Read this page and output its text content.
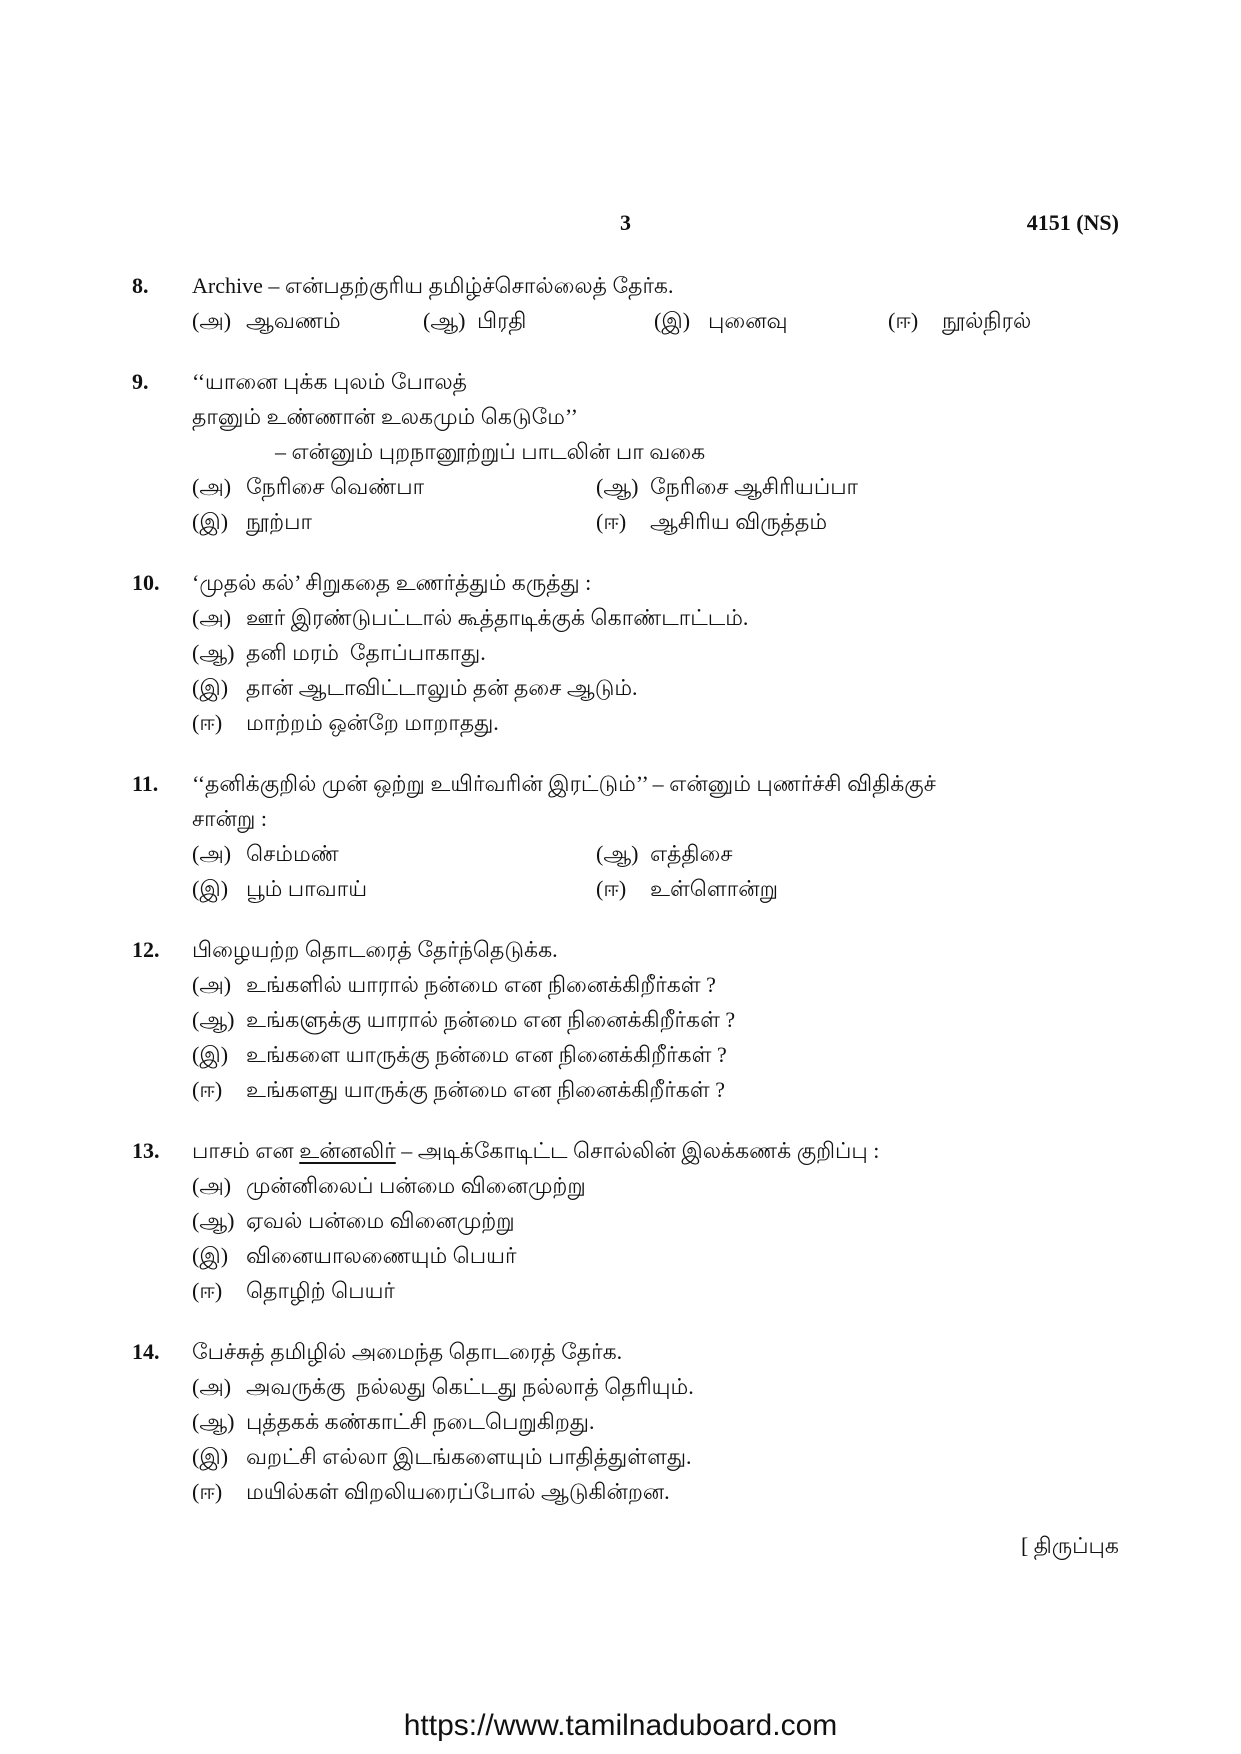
3	4151 (NS)
8.	Archive – என்பதற்குரிய தமிழ்ச்சொல்லைத் தேர்க.
(அ) ஆவணம்	(ஆ) பிரதி	(இ) புனைவு	(ஈ)	நூல்நிரல்
9.	‘‘யானை புக்க புலம் போலத்
தானும் உண்ணான் உலகமும் கெடுமே’’
– என்னும் புறநானூற்றுப் பாடலின் பா வகை
(அ) நேரிசை வெண்பா	(ஆ) நேரிசை ஆசிரியப்பா
(இ) நூற்பா	(ஈ)	ஆசிரிய விருத்தம்
10.	‘முதல் கல்’ சிறுகதை உணர்த்தும் கருத்து :
(அ) ஊர் இரண்டுபட்டால் கூத்தாடிக்குக் கொண்டாட்டம்.
(ஆ) தனி மரம்  தோப்பாகாது.
(இ) தான் ஆடாவிட்டாலும் தன் தசை ஆடும்.
(ஈ)	மாற்றம் ஒன்றே மாறாதது.
11.	‘‘தனிக்குறில் முன் ஒற்று உயிர்வரின் இரட்டும்’’ – என்னும் புணர்ச்சி விதிக்குச்
சான்று :
(அ) செம்மண்	(ஆ) எத்திசை
(இ) பூம் பாவாய்	(ஈ)	உள்ளொன்று
12.	பிழையற்ற தொடரைத் தேர்ந்தெடுக்க.
(அ) உங்களில் யாரால் நன்மை என நினைக்கிறீர்கள் ?
(ஆ) உங்களுக்கு யாரால் நன்மை என நினைக்கிறீர்கள் ?
(இ) உங்களை யாருக்கு நன்மை என நினைக்கிறீர்கள் ?
(ஈ)	உங்களது யாருக்கு நன்மை என நினைக்கிறீர்கள் ?
13.	பாசம் என உன்னலிர் – அடிக்கோடிட்ட சொல்லின் இலக்கணக் குறிப்பு :
(அ) முன்னிலைப் பன்மை வினைமுற்று
(ஆ) ஏவல் பன்மை வினைமுற்று
(இ) வினையாலணையும் பெயர்
(ஈ)	தொழிற் பெயர்
14.	பேச்சுத் தமிழில் அமைந்த தொடரைத் தேர்க.
(அ) அவருக்கு  நல்லது கெட்டது நல்லாத் தெரியும்.
(ஆ) புத்தகக் கண்காட்சி நடைபெறுகிறது.
(இ) வறட்சி எல்லா இடங்களையும் பாதித்துள்ளது.
(ஈ)	மயில்கள் விறலியரைப்போல் ஆடுகின்றன.
[ திருப்புக
https://www.tamilnaduboard.com
